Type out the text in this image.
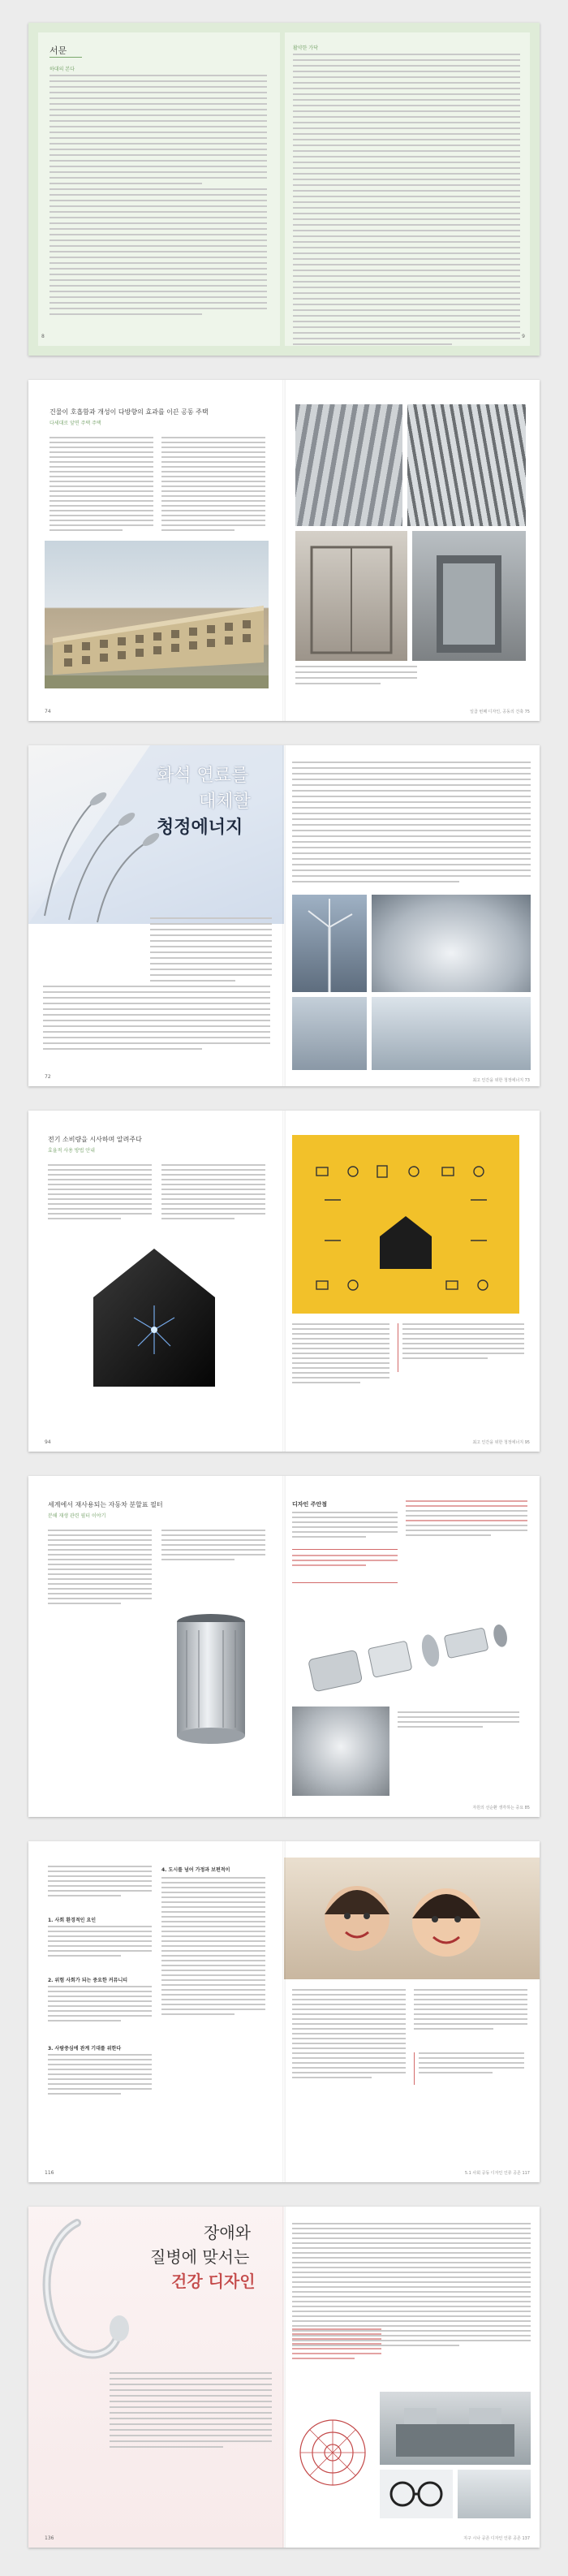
서문
하대의 본다
8
활약한 가닥
9
건물이 호흡함과 개성이 다방향의 효과를 이끈 공동 주택
다세대로 앞면 주택 주택
74	일곱 번째 디자인, 공동의 건축 75
화석 연료를
대체할
청정에너지
72
최고 인간을 위한 청정에너지 73
전기 소비량을 시사하며 알려주다
효율적 사용 방법 안내
94	최고 인간을 위한 청정에너지 95
세계에서 재사용되는 자동차 분할표 필터
분해 재생 관련 필터 이야기
디자인 주안점
자원의 선순환 생각하는 중요 85
1. 사회 환경적인 요인
2. 위험 사회가 되는 중요한 커뮤니티
3. 사람중심에 관계 기대를 위한다
4. 도시를 넘어 가정과 보편적이
116	5.1 사회 공동 디자인 인류 공존 117
장애와
질병에 맞서는
건강 디자인
136	지구 시나 공존 디자인 인류 공존 137
